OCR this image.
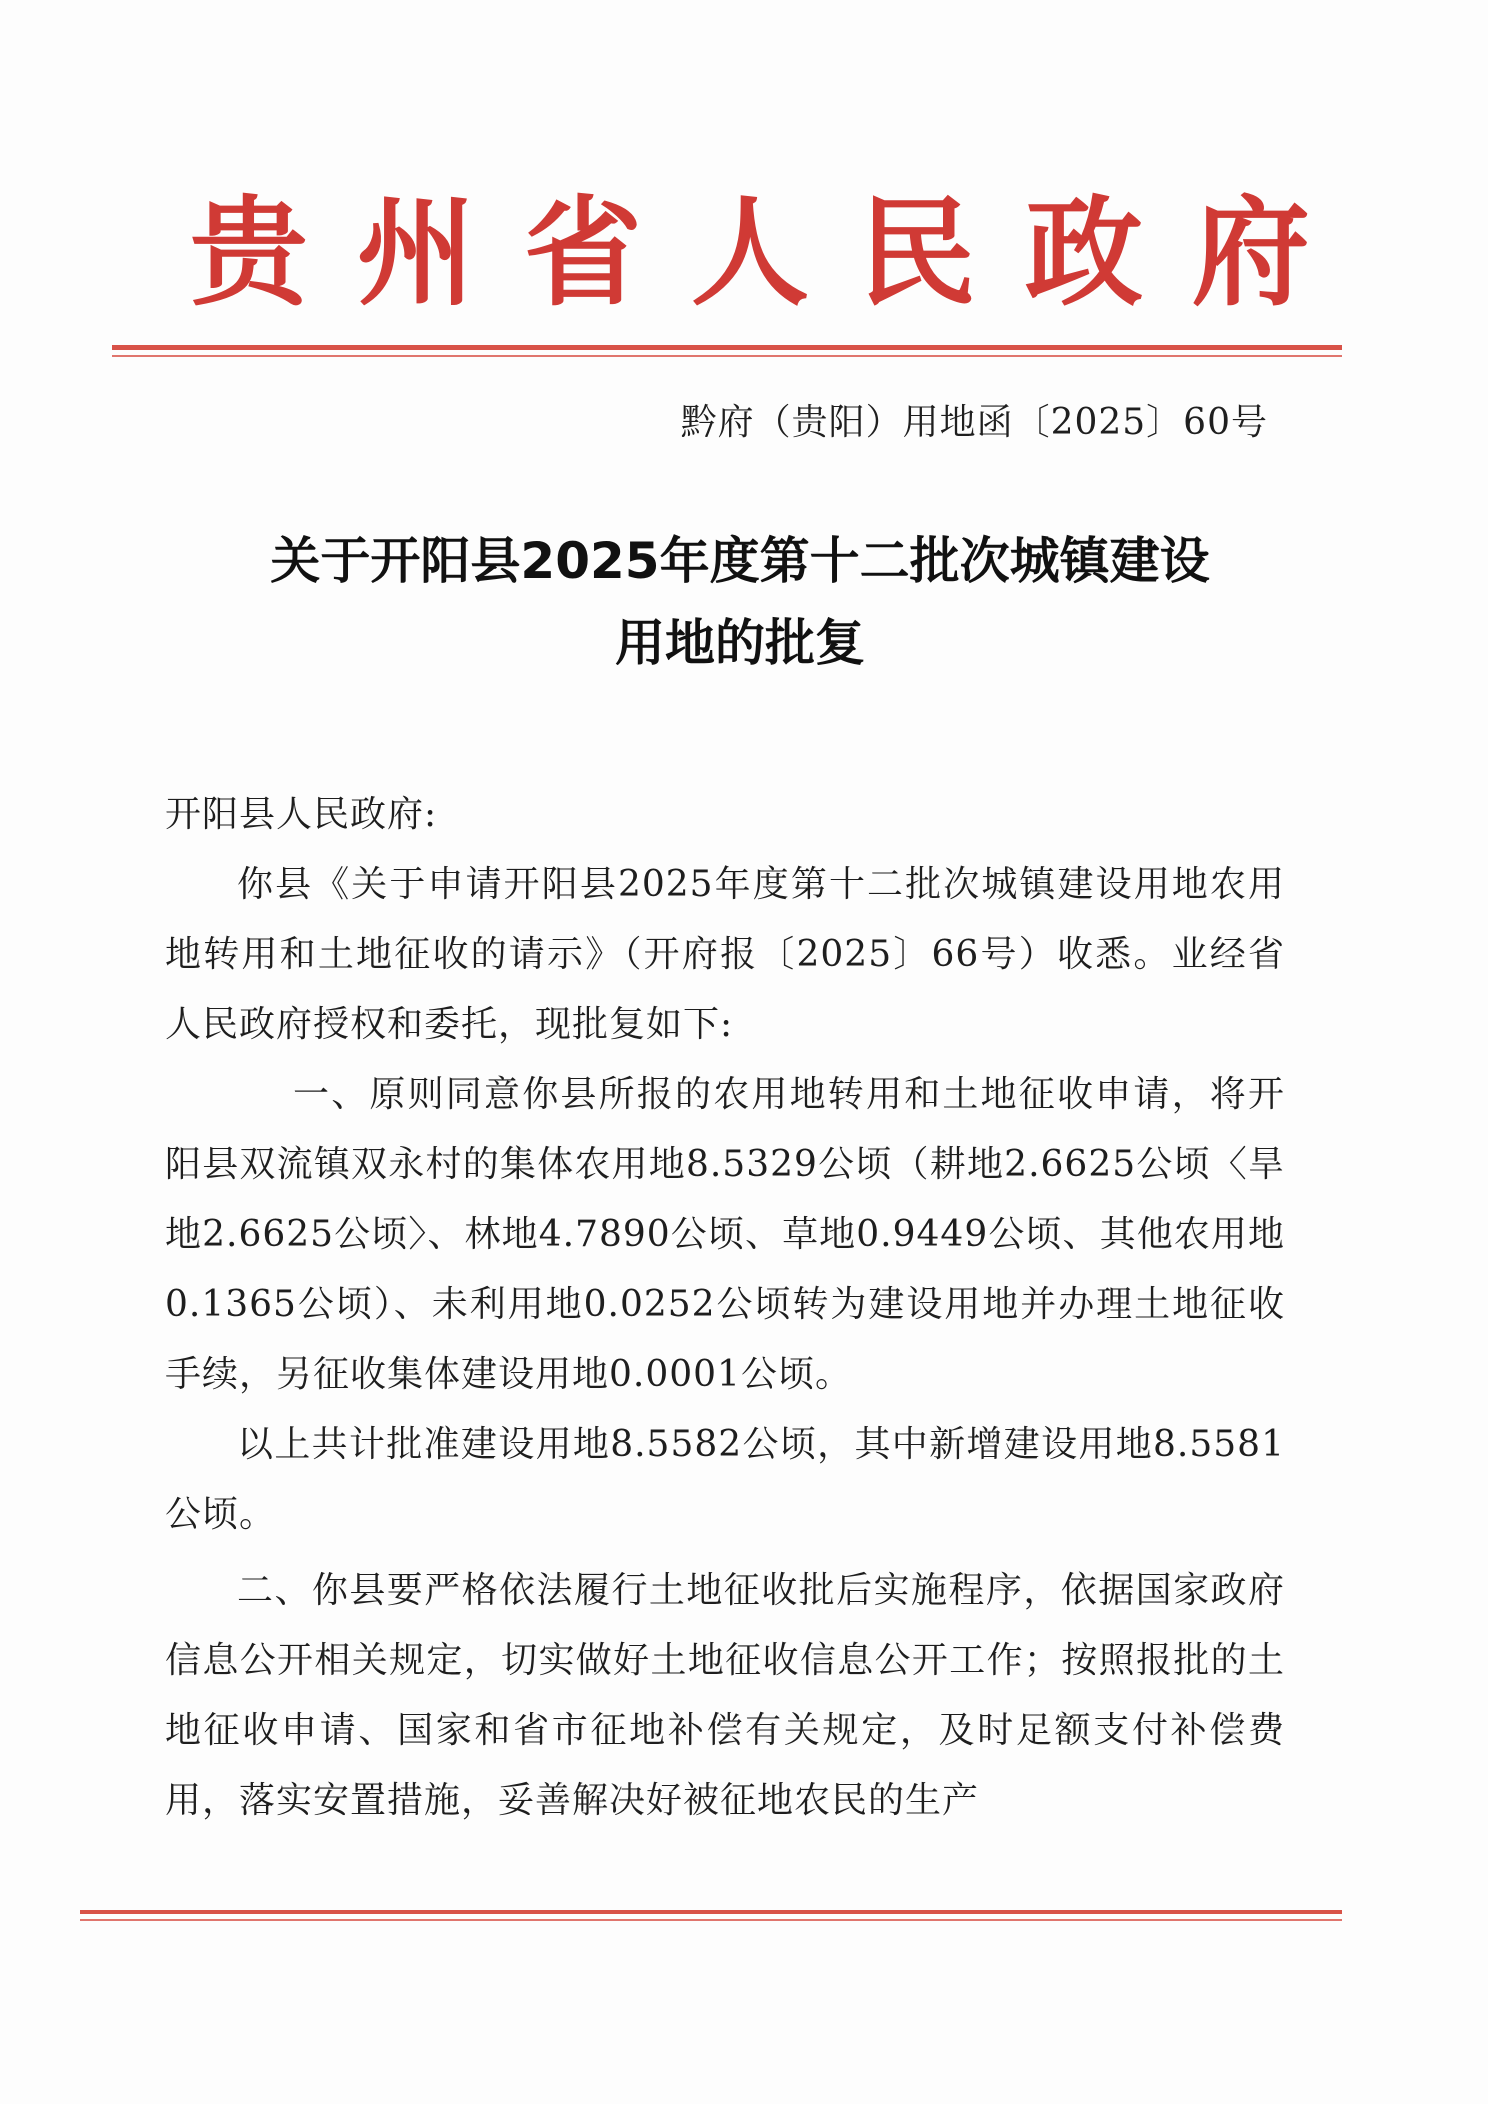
贵 州 省 人 民 政 府
黔府（贵阳）用地函〔2025〕60号
关于开阳县2025年度第十二批次城镇建设
用地的批复

开阳县人民政府:

你县《关于申请开阳县2025年度第十二批次城镇建设用地农用地转用和土地征收的请示》（开府报〔2025〕66号）收悉。业经省人民政府授权和委托，现批复如下:

一、原则同意你县所报的农用地转用和土地征收申请，将开阳县双流镇双永村的集体农用地8.5329公顷（耕地2.6625公顷〈旱地2.6625公顷〉、林地4.7890公顷、草地0.9449公顷、其他农用地0.1365公顷）、未利用地0.0252公顷转为建设用地并办理土地征收手续，另征收集体建设用地0.0001公顷。

以上共计批准建设用地8.5582公顷，其中新增建设用地8.5581公顷。

二、你县要严格依法履行土地征收批后实施程序，依据国家政府信息公开相关规定，切实做好土地征收信息公开工作；按照报批的土地征收申请、国家和省市征地补偿有关规定，及时足额支付补偿费用，落实安置措施，妥善解决好被征地农民的生产
